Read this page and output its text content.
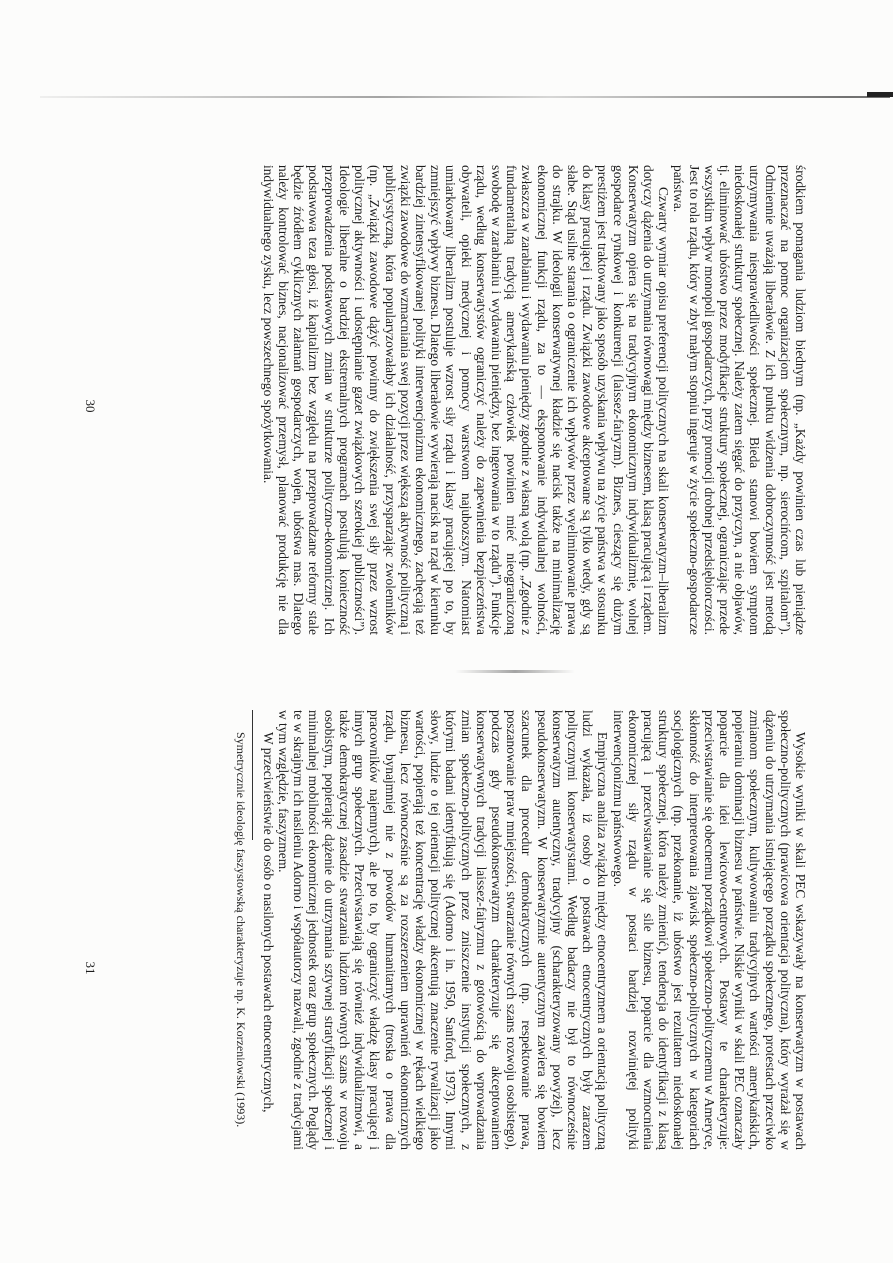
środkiem pomagania ludziom biednym (np. „Każdy powinien czas lub pieniądze przeznaczać na pomoc organizacjom społecznym, np. sierocińcom, szpitalom”). Odmiennie uważają liberałowie. Z ich punktu widzenia dobroczynność jest metodą utrzymywania niesprawiedliwości społecznej. Bieda stanowi bowiem symptom niedoskonałej struktury społecznej. Należy zatem sięgać do przyczyn, a nie objawów, tj. eliminować ubóstwo przez modyfikacje struktury społecznej, ograniczając przede wszystkim wpływ monopoli gospodarczych, przy promocji drobnej przedsiębiorczości. Jest to rola rządu, który w zbyt małym stopniu ingeruje w życie społeczno-gospodarcze państwa.

Czwarty wymiar opisu preferencji politycznych na skali konserwatyzm–liberalizm dotyczy dążenia do utrzymania równowagi między biznesem, klasą pracującą i rządem. Konserwatyzm opiera się na tradycyjnym ekonomicznym indywidualizmie, wolnej gospodarce rynkowej i konkurencji (laissez-fairyzm). Biznes, cieszący się dużym prestiżem jest traktowany jako sposób uzyskania wpływu na życie państwa w stosunku do klasy pracującej i rządu. Związki zawodowe akceptowane są tylko wtedy, gdy są słabe. Stąd usilne starania o ograniczenie ich wpływów przez wyeliminowanie prawa do strajku. W ideologii konserwatywnej kładzie się nacisk także na minimalizację ekonomicznej funkcji rządu, za to — eksponowanie indywidualnej wolności, zwłaszcza w zarabianiu i wydawaniu pieniędzy zgodnie z własną wolą (np. „Zgodnie z fundamentalną tradycją amerykańską człowiek powinien mieć nieograniczoną swobodę w zarabianiu i wydawaniu pieniędzy, bez ingerowania w to rządu”). Funkcje rządu, według konserwatystów ograniczyć należy do zapewnienia bezpieczeństwa obywateli, opieki medycznej i pomocy warstwom najubozszym. Natomiast umiarkowany liberalizm postuluje wzrost siły rządu i klasy pracującej po to, by zmniejszyć wpływy biznesu. Dlatego liberałowie wywierają nacisk na rząd w kierunku bardziej zintensyfikowanej polityki interwencjonizmu ekonomicznego, zachęcają też związki zawodowe do wzmacniania swej pozycji przez większą aktywność polityczną i publicystyczną, która popularyzowałaby ich działalność, przysparzając zwolenników (np. „Związki zawodowe dążyć powinny do zwiększenia swej siły przez wzrost politycznej aktywności i udostępnianie gazet związkowych szerokiej publiczności”). Ideologie liberalne o bardziej ekstremalnych programach postulują konieczność przeprowadzenia podstawowych zmian w strukturze polityczno-ekonomicznej. Ich podstawowa teza głosi, iż kapitalizm bez względu na przeprowadzane reformy stale będzie źródłem cyklicznych załamań gospodarczych, wojen, ubóstwa mas. Dlatego należy kontrolować biznes, nacjonalizować przemysł, planować produkcję nie dla indywidualnego zysku, lecz powszechnego spożytkowania.

Wysokie wyniki w skali PEC wskazywały na konserwatyzm w postawach społeczno-politycznych (prawicowa orientacja polityczna), który wyrażał się w dążeniu do utrzymania istniejącego porządku społecznego, protestach przeciwko zmianom społecznym, kultywowaniu tradycyjnych wartości amerykańskich, popieraniu dominacji biznesu w państwie. Niskie wyniki w skali PEC oznaczały poparcie dla idei lewicowo-centrowych. Postawy te charakteryzuje: przeciwstawianie się obecnemu porządkowi społeczno-politycznemu w Ameryce, skłonność do interpretowania zjawisk społeczno-politycznych w kategoriach socjologicznych (np. przekonanie, iż ubóstwo jest rezultatem niedoskonałej struktury społecznej, która należy zmienić), tendencja do identyfikacji z klasą pracującą i przeciwstawianie się sile biznesu, poparcie dla wzmocnienia ekonomicznej siły rządu w postaci bardziej rozwiniętej polityki interwencjonizmu państwowego.

Empiryczna analiza związku między etnocentryzmem a orientacją polityczną ludzi wykazała, iż osoby o postawach etnocentrycznych były zarazem politycznymi konserwatystami. Według badaczy nie był to równocześnie konserwatyzm autentyczny, tradycyjny (scharakteryzowany powyżej), lecz pseudokonserwatyzm. W konserwatyzmie autentycznym zawiera się bowiem szacunek dla procedur demokratycznych (np. respektowanie prawa, poszanowanie praw mniejszości, stwarzanie równych szans rozwoju osobistego), podczas gdy pseudokonserwatyzm charakteryzuje się akceptowaniem konserwatywnych tradycji laissez-fairyzmu z gotowością do wprowadzania zmian społeczno-politycznych przez zniszczenie instytucji społecznych, z którymi badani identyfikują się (Adorno i in. 1950, Sanford, 1973). Innymi słowy, ludzie o tej orientacji politycznej akcentują znaczenie rywalizacji jako wartości, popierają też koncentrację władzy ekonomicznej w rękach wielkiego biznesu, lecz równocześnie są za rozszerzeniem uprawnień ekonomicznych rządu, bynajmniej nie z powodów humanitarnych (troska o prawa dla pracowników najemnych), ale po to, by ograniczyć władzę klasy pracującej i innych grup społecznych. Przeciwstawiają się również indywidualizmowi, a także demokratycznej zasadzie stwarzania ludziom równych szans w rozwoju osobistym, popierając dążenie do utrzymania sztywnej stratyfikacji społecznej i minimalnej mobilności ekonomicznej jednostek oraz grup społecznych. Poglądy te w skrajnym ich nasileniu Adorno i współautorzy nazwali, zgodnie z tradycjami w tym względzie, faszyzmem.

W przeciwieństwie do osób o nasilonych postawach etnocentrycznych,

Symetrycznie ideologię faszystowską charakteryzuje np. K. Korzeniowski (1993).

30
31
